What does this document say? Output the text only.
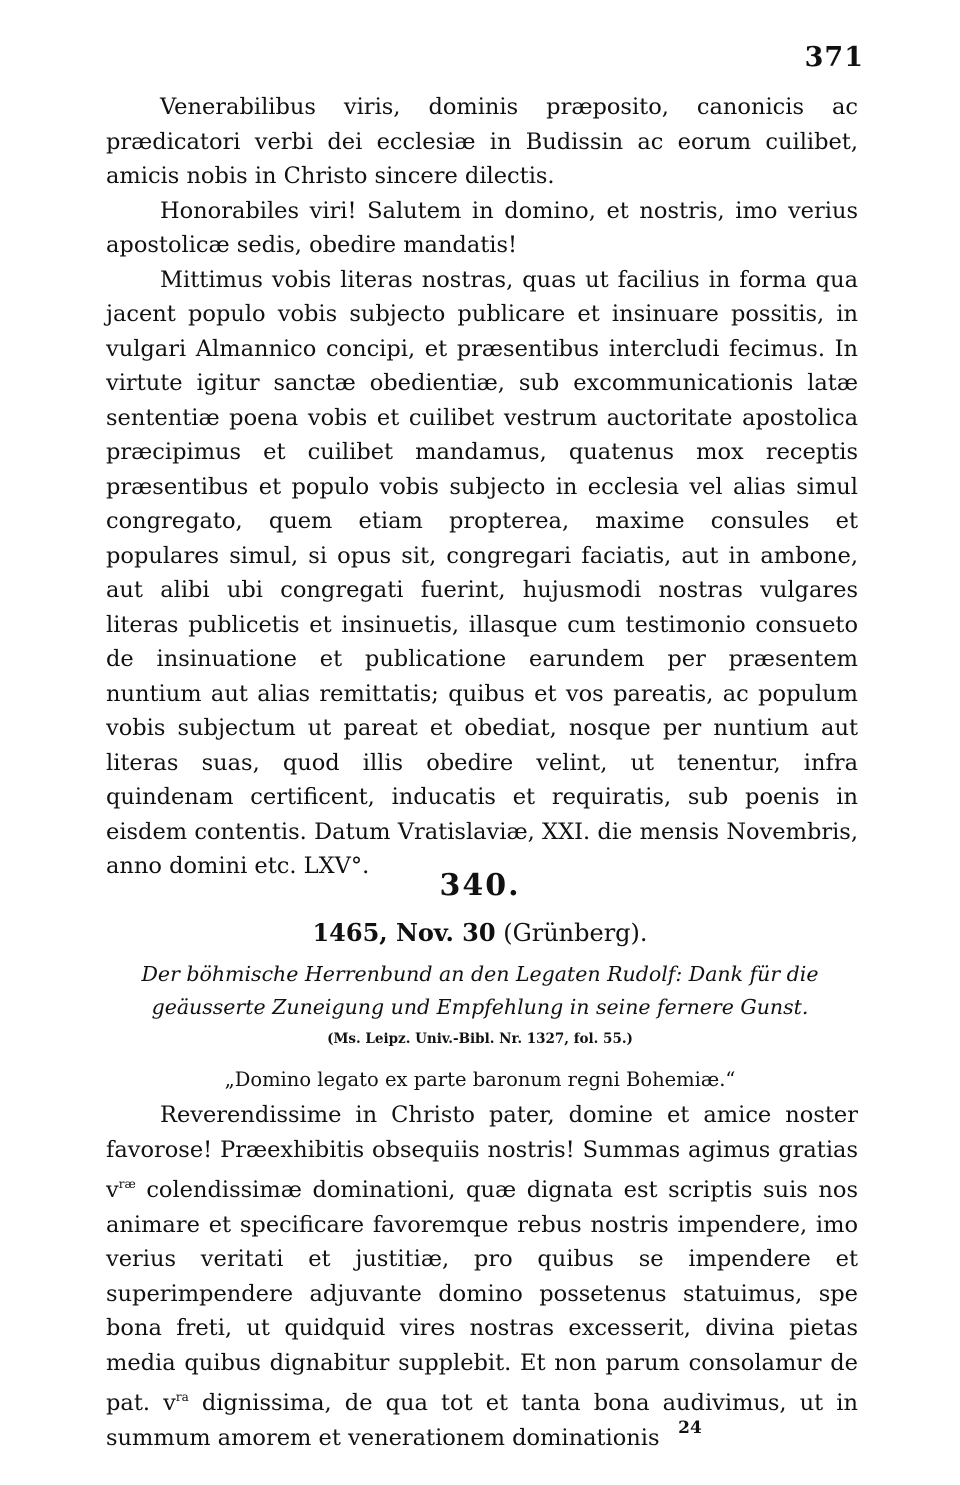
371

Venerabilibus viris, dominis præposito, canonicis ac prædicatori verbi dei ecclesiæ in Budissin ac eorum cuilibet, amicis nobis in Christo sincere dilectis.

Honorabiles viri! Salutem in domino, et nostris, imo verius apostolicæ sedis, obedire mandatis!

Mittimus vobis literas nostras, quas ut facilius in forma qua jacent populo vobis subjecto publicare et insinuare possitis, in vulgari Almannico concipi, et præsentibus intercludi fecimus. In virtute igitur sanctæ obedientiæ, sub excommunicationis latæ sententiæ poena vobis et cuilibet vestrum auctoritate apostolica præcipimus et cuilibet mandamus, quatenus mox receptis præsentibus et populo vobis subjecto in ecclesia vel alias simul congregato, quem etiam propterea, maxime consules et populares simul, si opus sit, congregari faciatis, aut in ambone, aut alibi ubi congregati fuerint, hujusmodi nostras vulgares literas publicetis et insinuetis, illasque cum testimonio consueto de insinuatione et publicatione earundem per præsentem nuntium aut alias remittatis; quibus et vos pareatis, ac populum vobis subjectum ut pareat et obediat, nosque per nuntium aut literas suas, quod illis obedire velint, ut tenentur, infra quindenam certificent, inducatis et requiratis, sub poenis in eisdem contentis. Datum Vratislaviæ, XXI. die mensis Novembris, anno domini etc. LXV°.

340.
1465, Nov. 30 (Grünberg).
Der böhmische Herrenbund an den Legaten Rudolf: Dank für die geäusserte Zuneigung und Empfehlung in seine fernere Gunst.
(Ms. Leipz. Univ.-Bibl. Nr. 1327, fol. 55.)
„Domino legato ex parte baronum regni Bohemiæ.“

Reverendissime in Christo pater, domine et amice noster favorose! Præexhibitis obsequiis nostris! Summas agimus gratias $v^{ræ}$ colendissimæ dominationi, quæ dignata est scriptis suis nos animare et specificare favoremque rebus nostris impendere, imo verius veritati et justitiæ, pro quibus se impendere et superimpendere adjuvante domino possetenus statuimus, spe bona freti, ut quidquid vires nostras excesserit, divina pietas media quibus dignabitur supplebit. Et non parum consolamur de pat. $v^{ra}$ dignissima, de qua tot et tanta bona audivimus, ut in summum amorem et venerationem dominationis	24
